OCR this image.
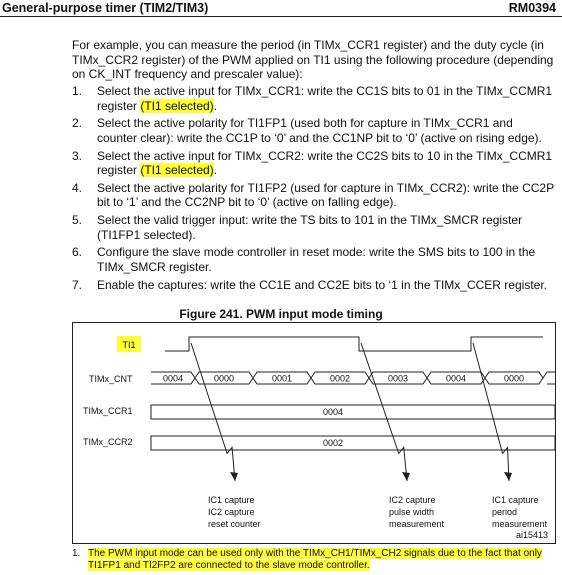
General-purpose timer (TIM2/TIM3)	RM0394
For example, you can measure the period (in TIMx_CCR1 register) and the duty cycle (in TIMx_CCR2 register) of the PWM applied on TI1 using the following procedure (depending on CK_INT frequency and prescaler value):
1. Select the active input for TIMx_CCR1: write the CC1S bits to 01 in the TIMx_CCMR1 register (TI1 selected).
2. Select the active polarity for TI1FP1 (used both for capture in TIMx_CCR1 and counter clear): write the CC1P to ‘0’ and the CC1NP bit to ‘0’ (active on rising edge).
3. Select the active input for TIMx_CCR2: write the CC2S bits to 10 in the TIMx_CCMR1 register (TI1 selected).
4. Select the active polarity for TI1FP2 (used for capture in TIMx_CCR2): write the CC2P bit to ‘1’ and the CC2NP bit to ‘0’ (active on falling edge).
5. Select the valid trigger input: write the TS bits to 101 in the TIMx_SMCR register (TI1FP1 selected).
6. Configure the slave mode controller in reset mode: write the SMS bits to 100 in the TIMx_SMCR register.
7. Enable the captures: write the CC1E and CC2E bits to ‘1 in the TIMx_CCER register.
Figure 241. PWM input mode timing
TI1
TIMx_CNT	0004	0000	0001	0002	0003	0004	0000
TIMx_CCR1	0004
TIMx_CCR2	0002
IC1 capture
IC2 capture
reset counter
IC2 capture
pulse width
measurement
IC1 capture
period
measurement
ai15413
1. The PWM input mode can be used only with the TIMx_CH1/TIMx_CH2 signals due to the fact that only TI1FP1 and TI2FP2 are connected to the slave mode controller.
